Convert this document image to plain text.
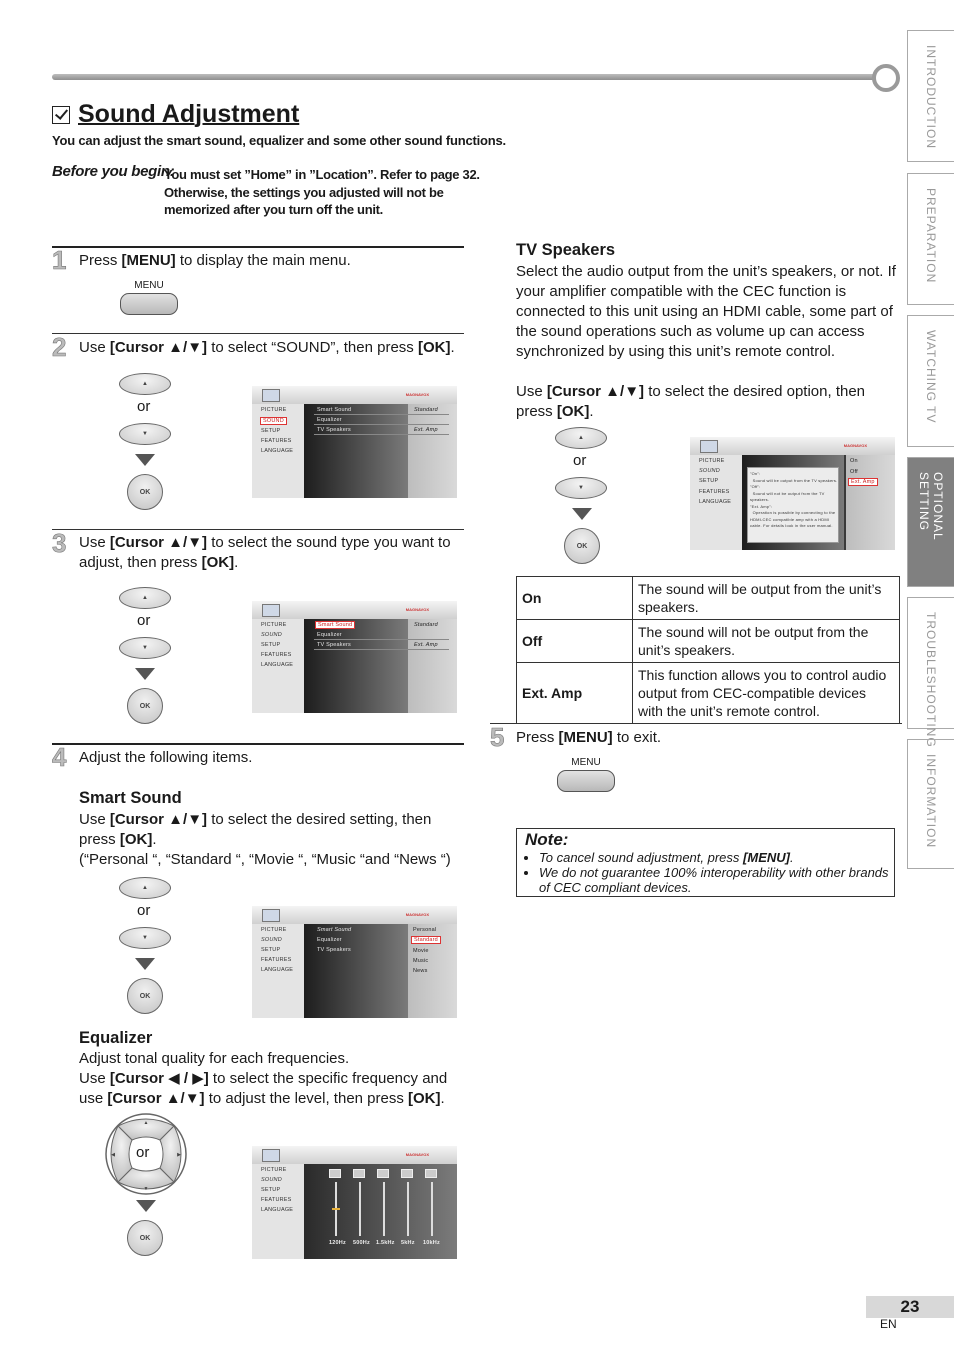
Sound Adjustment
You can adjust the smart sound, equalizer and some other sound functions.
Before you begin:
You must set ”Home” in ”Location”. Refer to page 32. Otherwise, the settings you adjusted will not be memorized after you turn off the unit.
1 Press [MENU] to display the main menu.
MENU
2 Use [Cursor ▲/▼] to select “SOUND”, then press [OK].
▲
or
▼
OK
MAGNAVOX
PICTURE
SOUND
SETUP
FEATURES
LANGUAGE
Smart Sound
Equalizer
TV Speakers
Standard
Ext. Amp
3 Use [Cursor ▲/▼] to select the sound type you want to adjust, then press [OK].
▲
or
▼
OK
MAGNAVOX
PICTURE
SOUND
SETUP
FEATURES
LANGUAGE
Smart Sound
Equalizer
TV Speakers
Standard
Ext. Amp
4 Adjust the following items.
Smart Sound
Use [Cursor ▲/▼] to select the desired setting, then press [OK].
(“Personal “, “Standard “, “Movie “, “Music “and “News “)
▲
or
▼
OK
MAGNAVOX
PICTURE
SOUND
SETUP
FEATURES
LANGUAGE
Smart Sound
Equalizer
TV Speakers
Personal
Standard
Movie
Music
News
Equalizer
Adjust tonal quality for each frequencies.
Use [Cursor ◀ / ▶] to select the specific frequency and use [Cursor ▲/▼] to adjust the level, then press [OK].
▲
▼
◀	▶
or
OK
MAGNAVOX
PICTURE
SOUND
SETUP
FEATURES
LANGUAGE
120Hz 500Hz 1.5kHz 5kHz 10kHz
TV Speakers
Select the audio output from the unit’s speakers, or not. If your amplifier compatible with the CEC function is connected to this unit using an HDMI cable, some part of the sound operations such as volume up can access synchronized by using this unit’s remote control.
Use [Cursor ▲/▼] to select the desired option, then press [OK].
▲
or
▼
OK
MAGNAVOX
PICTURE
SOUND
SETUP
FEATURES
LANGUAGE
"On":
Sound will be output from the TV speakers.
"Off":
Sound will not be output from the TV speakers.
"Ext. Amp":
Operation is possible by connecting to the HDMI-CEC compatible amp with a HDMI cable. For details look in the user manual.
On
Off
Ext. Amp
On	The sound will be output from the unit’s speakers.
Off	The sound will not be output from the unit’s speakers.
Ext. Amp	This function allows you to control audio output from CEC-compatible devices with the unit’s remote control.
5 Press [MENU] to exit.
MENU
Note:
• To cancel sound adjustment, press [MENU].
• We do not guarantee 100% interoperability with other brands of CEC compliant devices.
INTRODUCTION
PREPARATION
WATCHING TV
OPTIONAL SETTING
TROUBLESHOOTING
INFORMATION
23
EN
